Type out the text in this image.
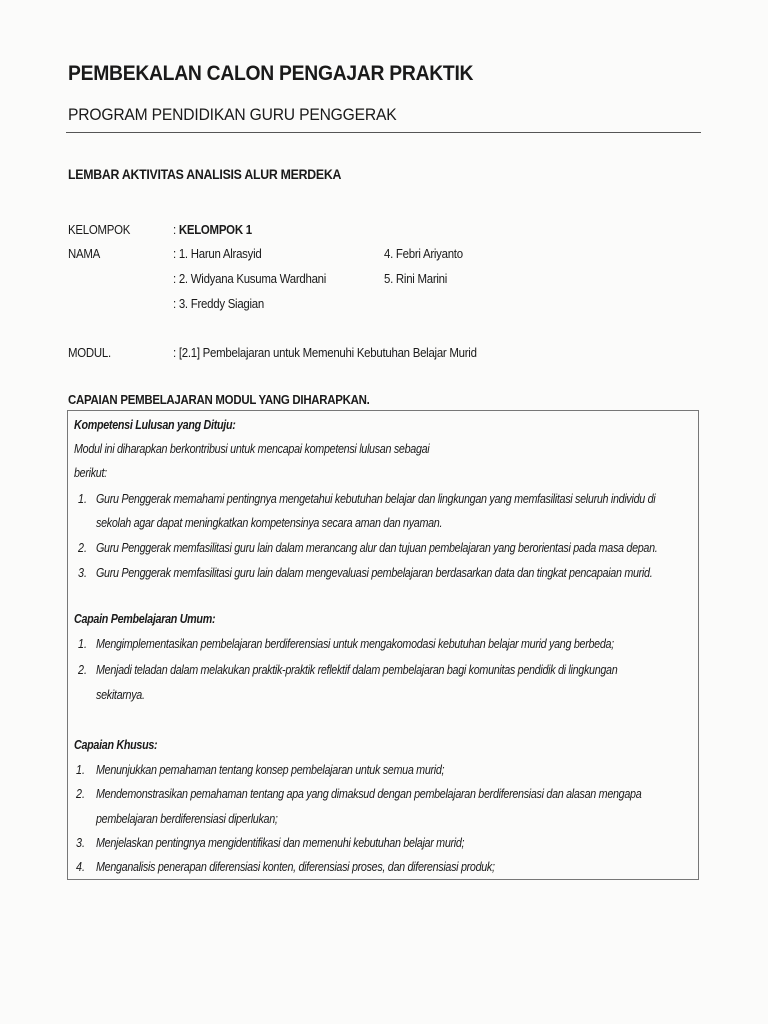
PEMBEKALAN CALON PENGAJAR PRAKTIK
PROGRAM PENDIDIKAN GURU PENGGERAK
LEMBAR AKTIVITAS ANALISIS ALUR MERDEKA
KELOMPOK	: KELOMPOK 1
NAMA	: 1. Harun Alrasyid
: 2. Widyana Kusuma Wardhani
: 3. Freddy Siagian
4. Febri Ariyanto
5. Rini Marini
MODUL.	: [2.1] Pembelajaran untuk Memenuhi Kebutuhan Belajar Murid
CAPAIAN PEMBELAJARAN MODUL YANG DIHARAPKAN.
Kompetensi Lulusan yang Dituju:
Modul ini diharapkan berkontribusi untuk mencapai kompetensi lulusan sebagai
berikut:
1. Guru Penggerak memahami pentingnya mengetahui kebutuhan belajar dan lingkungan yang memfasilitasi seluruh individu di
sekolah agar dapat meningkatkan kompetensinya secara aman dan nyaman.
2. Guru Penggerak memfasilitasi guru lain dalam merancang alur dan tujuan pembelajaran yang berorientasi pada masa depan.
3. Guru Penggerak memfasilitasi guru lain dalam mengevaluasi pembelajaran berdasarkan data dan tingkat pencapaian murid.
Capain Pembelajaran Umum:
1. Mengimplementasikan pembelajaran berdiferensiasi untuk mengakomodasi kebutuhan belajar murid yang berbeda;
2. Menjadi teladan dalam melakukan praktik-praktik reflektif dalam pembelajaran bagi komunitas pendidik di lingkungan
sekitarnya.
Capaian Khusus:
1. Menunjukkan pemahaman tentang konsep pembelajaran untuk semua murid;
2. Mendemonstrasikan pemahaman tentang apa yang dimaksud dengan pembelajaran berdiferensiasi dan alasan mengapa
pembelajaran berdiferensiasi diperlukan;
3. Menjelaskan pentingnya mengidentifikasi dan memenuhi kebutuhan belajar murid;
4. Menganalisis penerapan diferensiasi konten, diferensiasi proses, dan diferensiasi produk;
